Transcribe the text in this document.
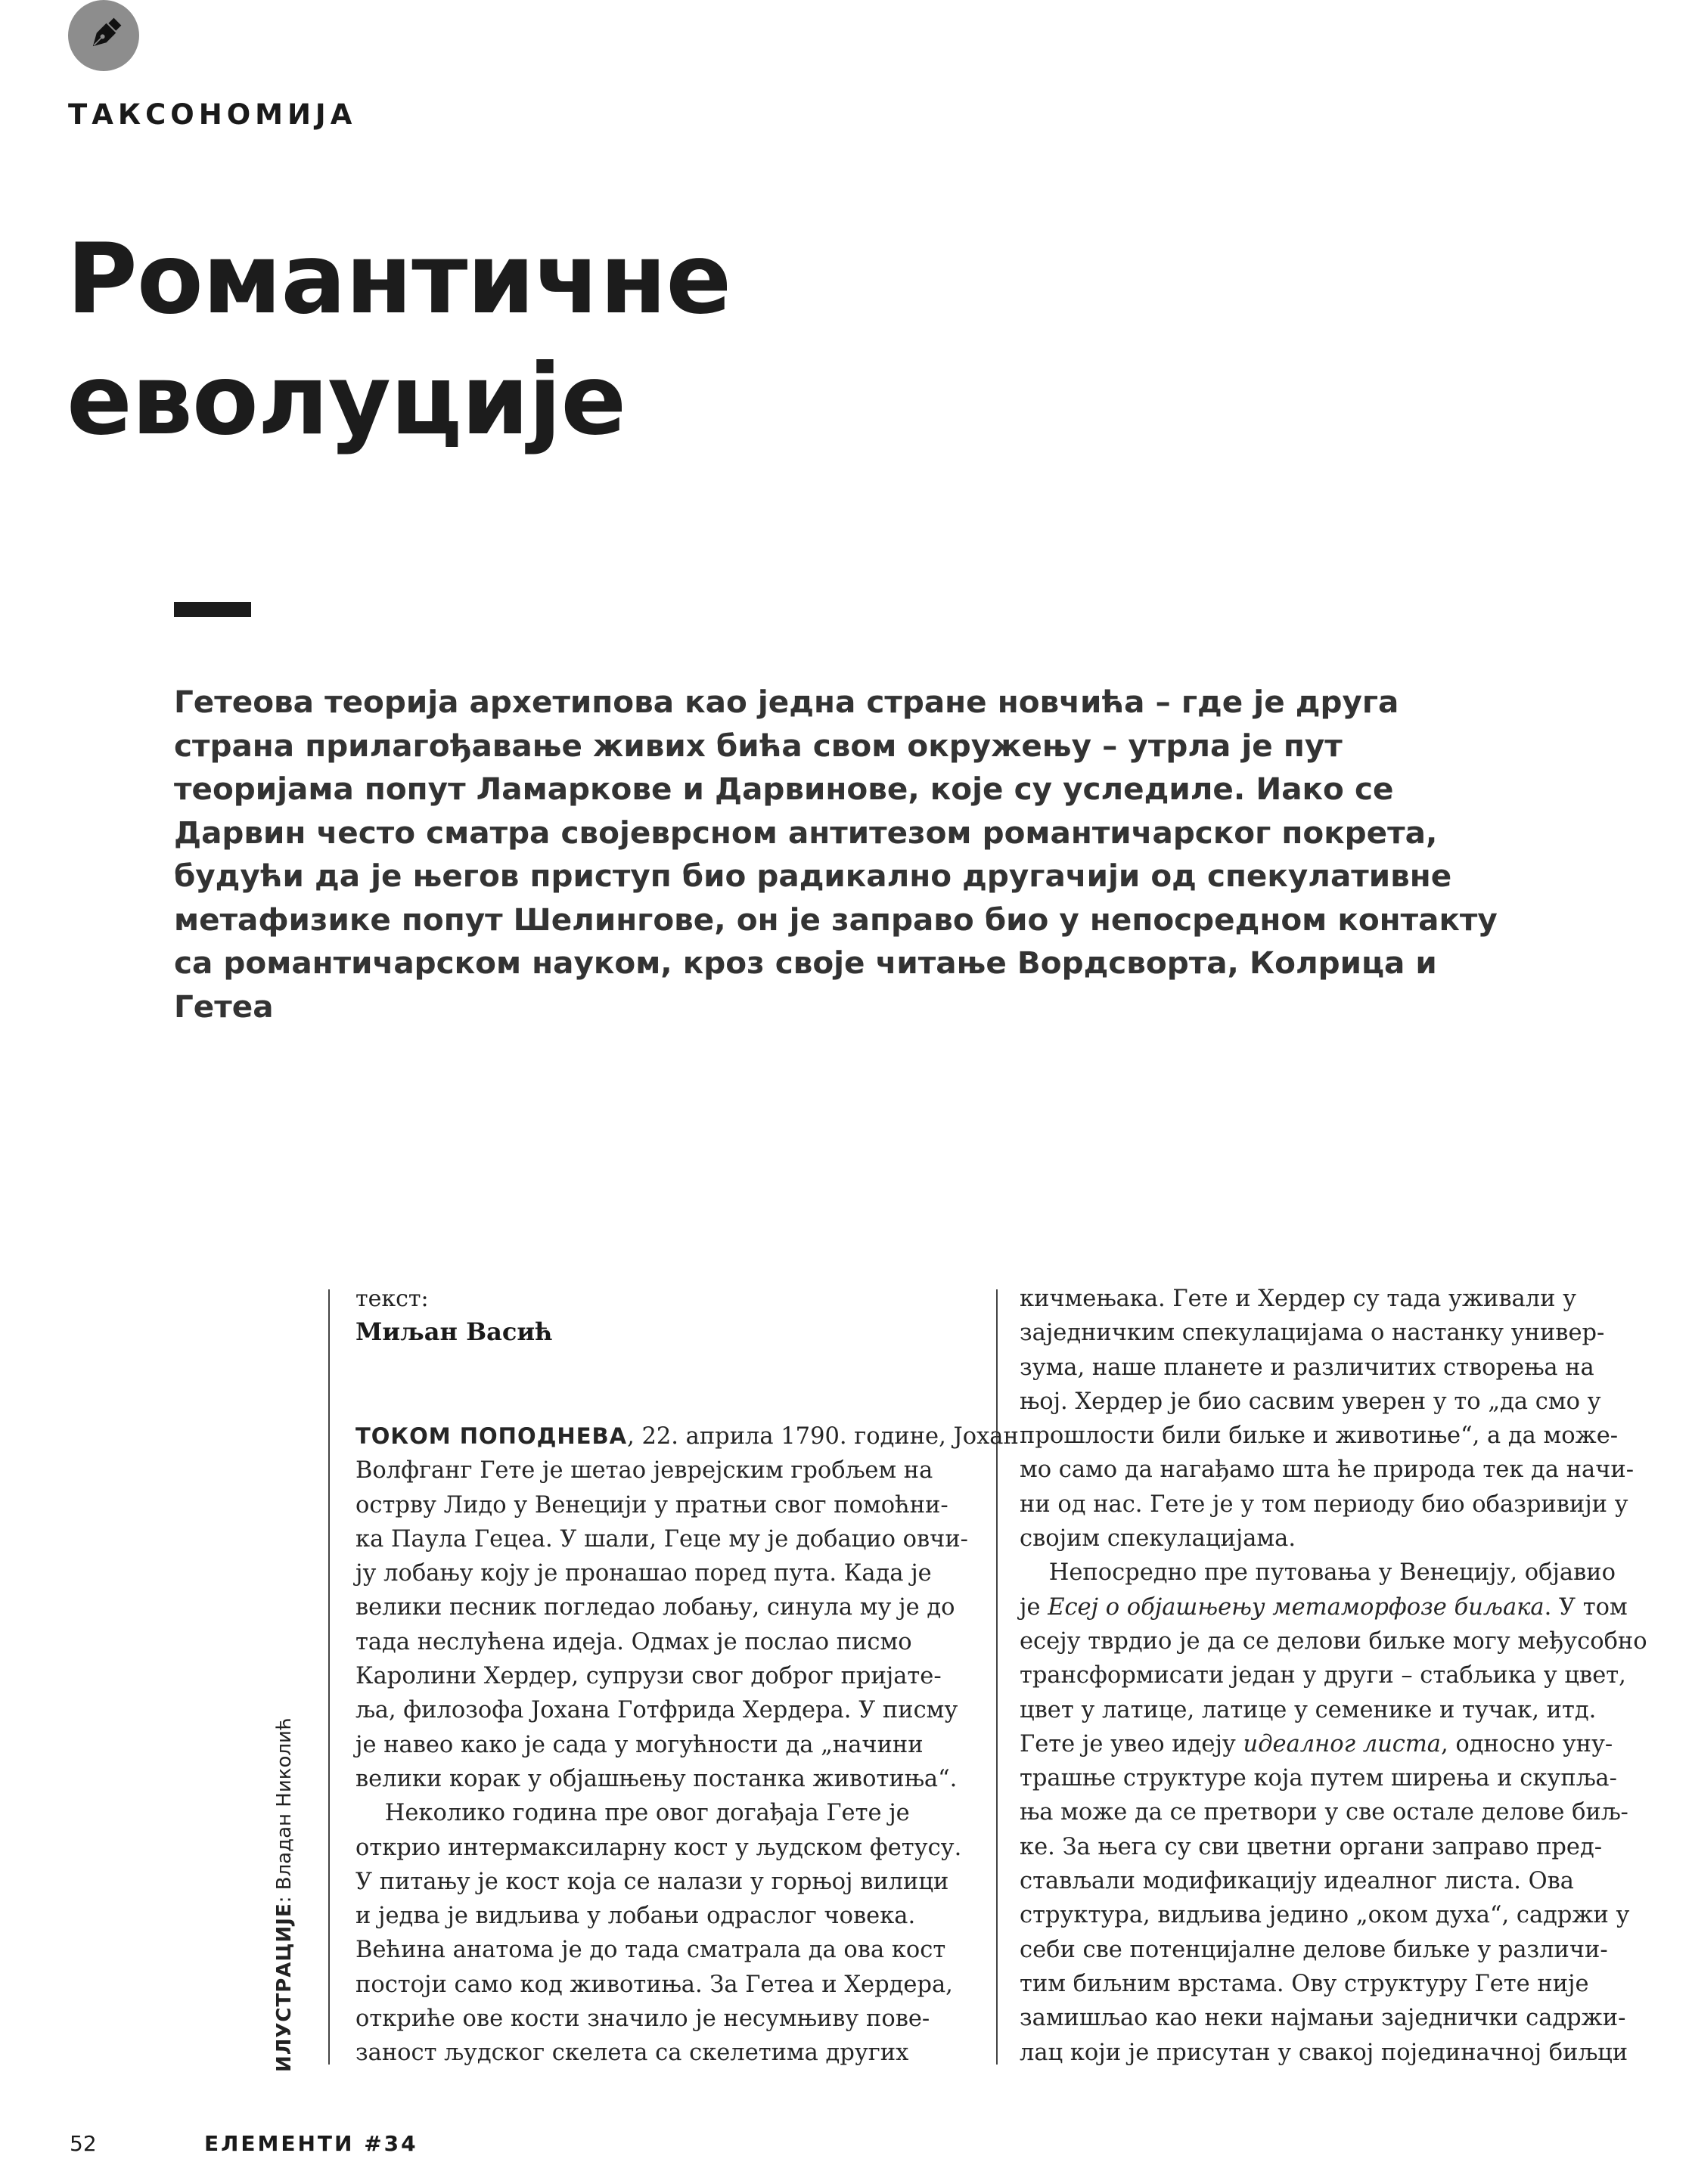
ТАКСОНОМИЈА
Романтичне
еволуције

Гетеова теорија архетипова као једна стране новчића – где је друга страна прилагођавање живих бића свом окружењу – утрла је пут теоријама попут Ламаркове и Дарвинове, које су уследиле. Иако се Дарвин често сматра својеврсном антитезом романтичарског покрета, будући да је његов приступ био радикално другачији од спекулативне метафизике попут Шелингове, он је заправо био у непосредном контакту са романтичарском науком, кроз своје читање Вордсворта, Колрица и Гетеа

ИЛУСТРАЦИЈЕ: Владан Николић
текст:
Миљан Васић
ТОКОМ ПОПОДНЕВА, 22. априла 1790. године, Јохан
Волфганг Гете је шетао јеврејским гробљем на
острву Лидо у Венецији у пратњи свог помоћни-
ка Паула Гецеа. У шали, Геце му је добацио овчи-
ју лобању коју је пронашао поред пута. Када је
велики песник погледао лобању, синула му је до
тада неслућена идеја. Одмах је послао писмо
Каролини Хердер, супрузи свог доброг пријате-
ља, филозофа Јохана Готфрида Хердера. У писму
је навео како је сада у могућности да „начини
велики корак у објашњењу постанка животиња“.
Неколико година пре овог догађаја Гете је
открио интермаксиларну кост у људском фетусу.
У питању је кост која се налази у горњој вилици
и једва је видљива у лобањи одраслог човека.
Већина анатома је до тада сматрала да ова кост
постоји само код животиња. За Гетеа и Хердера,
откриће ове кости значило је несумњиву пове-
заност људског скелета са скелетима других
кичмењака. Гете и Хердер су тада уживали у
заједничким спекулацијама о настанку универ-
зума, наше планете и различитих створења на
њој. Хердер је био сасвим уверен у то „да смо у
прошлости били биљке и животиње“, а да може-
мо само да нагађамо шта ће природа тек да начи-
ни од нас. Гете је у том периоду био обазривији у
својим спекулацијама.
Непосредно пре путовања у Венецију, објавио
је Есеј о објашњењу метаморфозе биљака. У том
есеју тврдио је да се делови биљке могу међусобно
трансформисати један у други – стабљика у цвет,
цвет у латице, латице у семенике и тучак, итд.
Гете је увео идеју идеалног листа, односно уну-
трашње структуре која путем ширења и скупља-
ња може да се претвори у све остале делове биљ-
ке. За њега су сви цветни органи заправо пред-
стављали модификацију идеалног листа. Ова
структура, видљива једино „оком духа“, садржи у
себи све потенцијалне делове биљке у различи-
тим биљним врстама. Ову структуру Гете није
замишљао као неки најмањи заједнички садржи-
лац који је присутан у свакој појединачној биљци
52	ЕЛЕМЕНТИ #34
